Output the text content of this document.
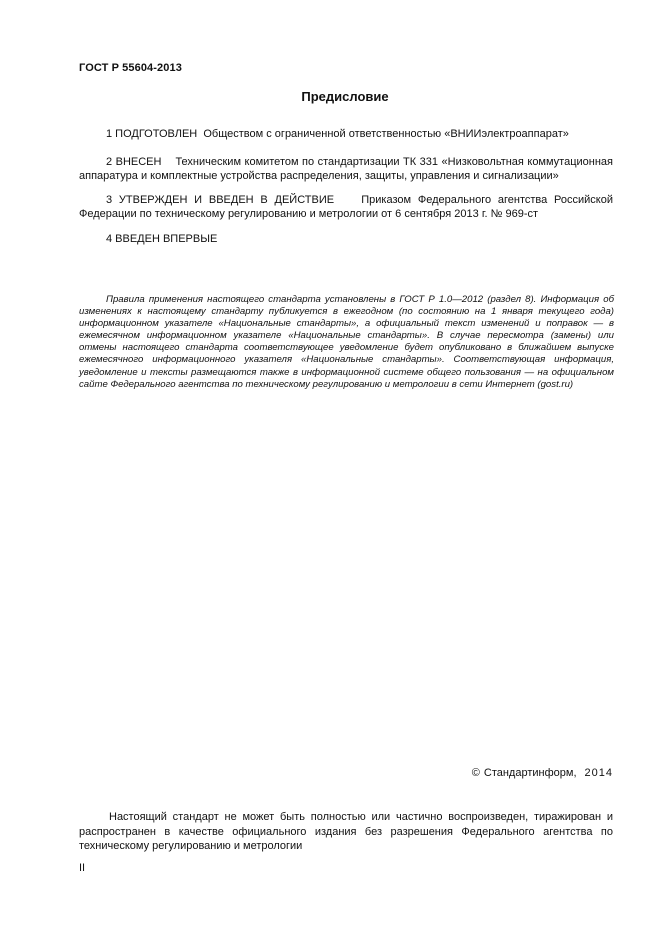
ГОСТ Р 55604-2013
Предисловие
1 ПОДГОТОВЛЕН Обществом с ограниченной ответственностью «ВНИИэлектроаппарат»
2 ВНЕСЕН Техническим комитетом по стандартизации ТК 331 «Низковольтная коммутационная аппаратура и комплектные устройства распределения, защиты, управления и сигнализации»
3 УТВЕРЖДЕН И ВВЕДЕН В ДЕЙСТВИЕ Приказом Федерального агентства Российской Федерации по техническому регулированию и метрологии от 6 сентября 2013 г. № 969-ст
4 ВВЕДЕН ВПЕРВЫЕ
Правила применения настоящего стандарта установлены в ГОСТ Р 1.0—2012 (раздел 8). Информация об изменениях к настоящему стандарту публикуется в ежегодном (по состоянию на 1 января текущего года) информационном указателе «Национальные стандарты», а официальный текст изменений и поправок — в ежемесячном информационном указателе «Национальные стандарты». В случае пересмотра (замены) или отмены настоящего стандарта соответствующее уведомление будет опубликовано в ближайшем выпуске ежемесячного информационного указателя «Национальные стандарты». Соответствующая информация, уведомление и тексты размещаются также в информационной системе общего пользования — на официальном сайте Федерального агентства по техническому регулированию и метрологии в сети Интернет (gost.ru)
© Стандартинформ, 2014
Настоящий стандарт не может быть полностью или частично воспроизведен, тиражирован и распространен в качестве официального издания без разрешения Федерального агентства по техническому регулированию и метрологии
II
